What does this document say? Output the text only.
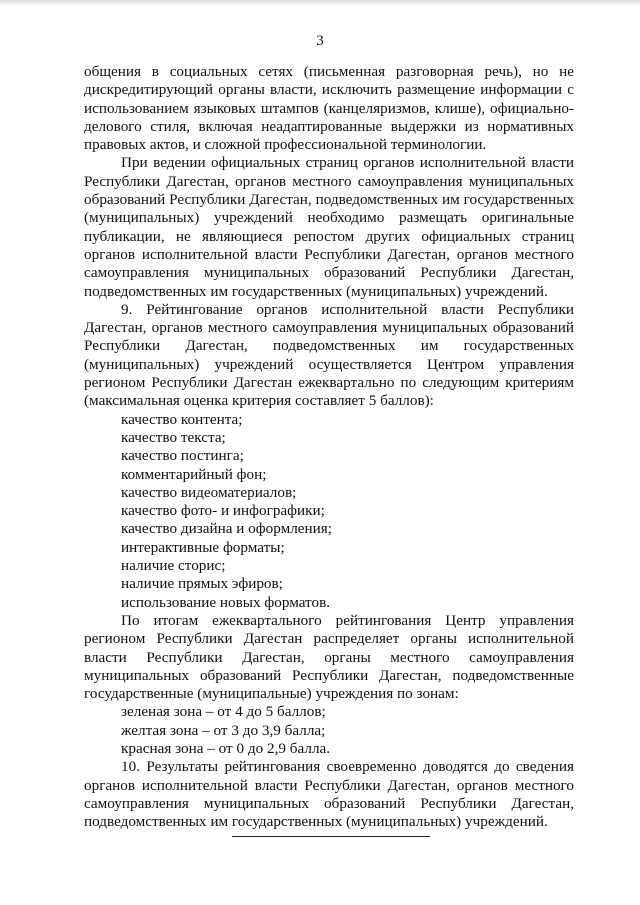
3

общения в социальных сетях (письменная разговорная речь), но не дискредитирующий органы власти, исключить размещение информации с использованием языковых штампов (канцеляризмов, клише), официально-делового стиля, включая неадаптированные выдержки из нормативных правовых актов, и сложной профессиональной терминологии.

При ведении официальных страниц органов исполнительной власти Республики Дагестан, органов местного самоуправления муниципальных образований Республики Дагестан, подведомственных им государственных (муниципальных) учреждений необходимо размещать оригинальные публикации, не являющиеся репостом других официальных страниц органов исполнительной власти Республики Дагестан, органов местного самоуправления муниципальных образований Республики Дагестан, подведомственных им государственных (муниципальных) учреждений.

9. Рейтингование органов исполнительной власти Республики Дагестан, органов местного самоуправления муниципальных образований Республики Дагестан, подведомственных им государственных (муниципальных) учреждений осуществляется Центром управления регионом Республики Дагестан ежеквартально по следующим критериям (максимальная оценка критерия составляет 5 баллов):

качество контента;
качество текста;
качество постинга;
комментарийный фон;
качество видеоматериалов;
качество фото- и инфографики;
качество дизайна и оформления;
интерактивные форматы;
наличие сторис;
наличие прямых эфиров;
использование новых форматов.

По итогам ежеквартального рейтингования Центр управления регионом Республики Дагестан распределяет органы исполнительной власти Республики Дагестан, органы местного самоуправления муниципальных образований Республики Дагестан, подведомственные государственные (муниципальные) учреждения по зонам:

зеленая зона – от 4 до 5 баллов;
желтая зона – от 3 до 3,9 балла;
красная зона – от 0 до 2,9 балла.

10. Результаты рейтингования своевременно доводятся до сведения органов исполнительной власти Республики Дагестан, органов местного самоуправления муниципальных образований Республики Дагестан, подведомственных им государственных (муниципальных) учреждений.
